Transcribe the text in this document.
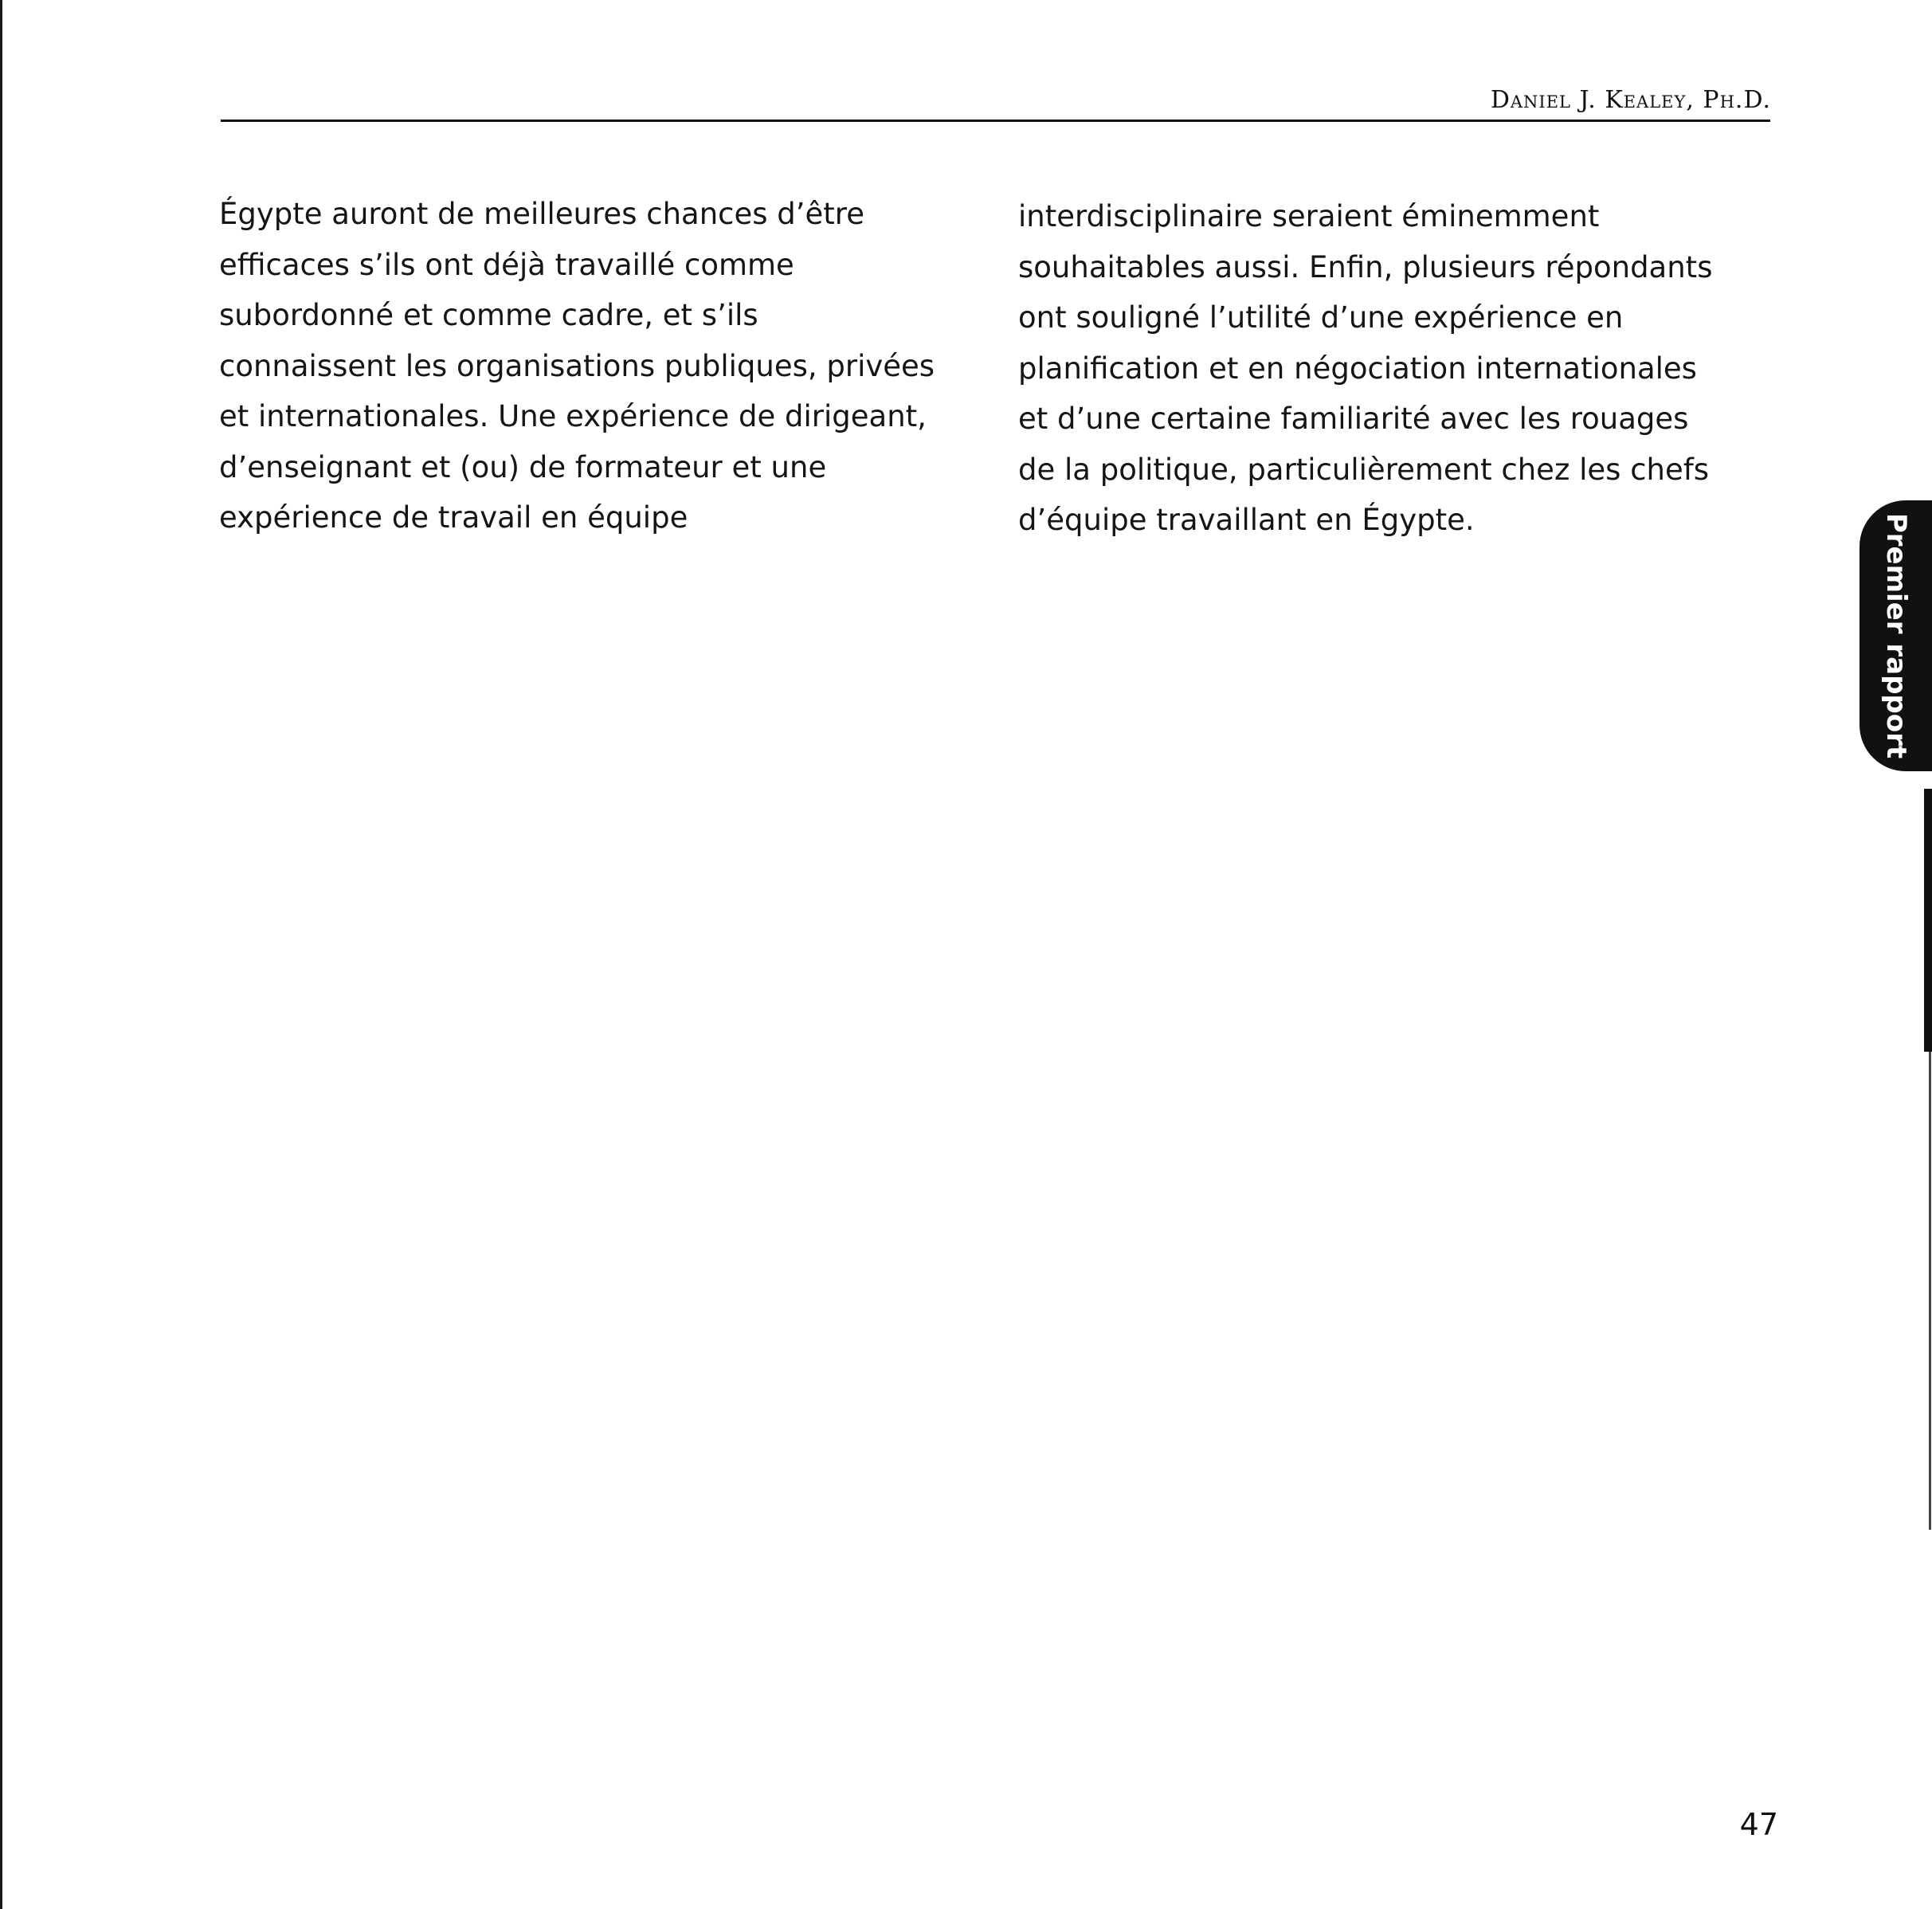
Daniel J. Kealey, Ph.D.
Égypte auront de meilleures chances d’être
efficaces s’ils ont déjà travaillé comme
subordonné et comme cadre, et s’ils
connaissent les organisations publiques, privées
et internationales. Une expérience de dirigeant,
d’enseignant et (ou) de formateur et une
expérience de travail en équipe
interdisciplinaire seraient éminemment
souhaitables aussi. Enfin, plusieurs répondants
ont souligné l’utilité d’une expérience en
planification et en négociation internationales
et d’une certaine familiarité avec les rouages
de la politique, particulièrement chez les chefs
d’équipe travaillant en Égypte.	Premier rapport
47
